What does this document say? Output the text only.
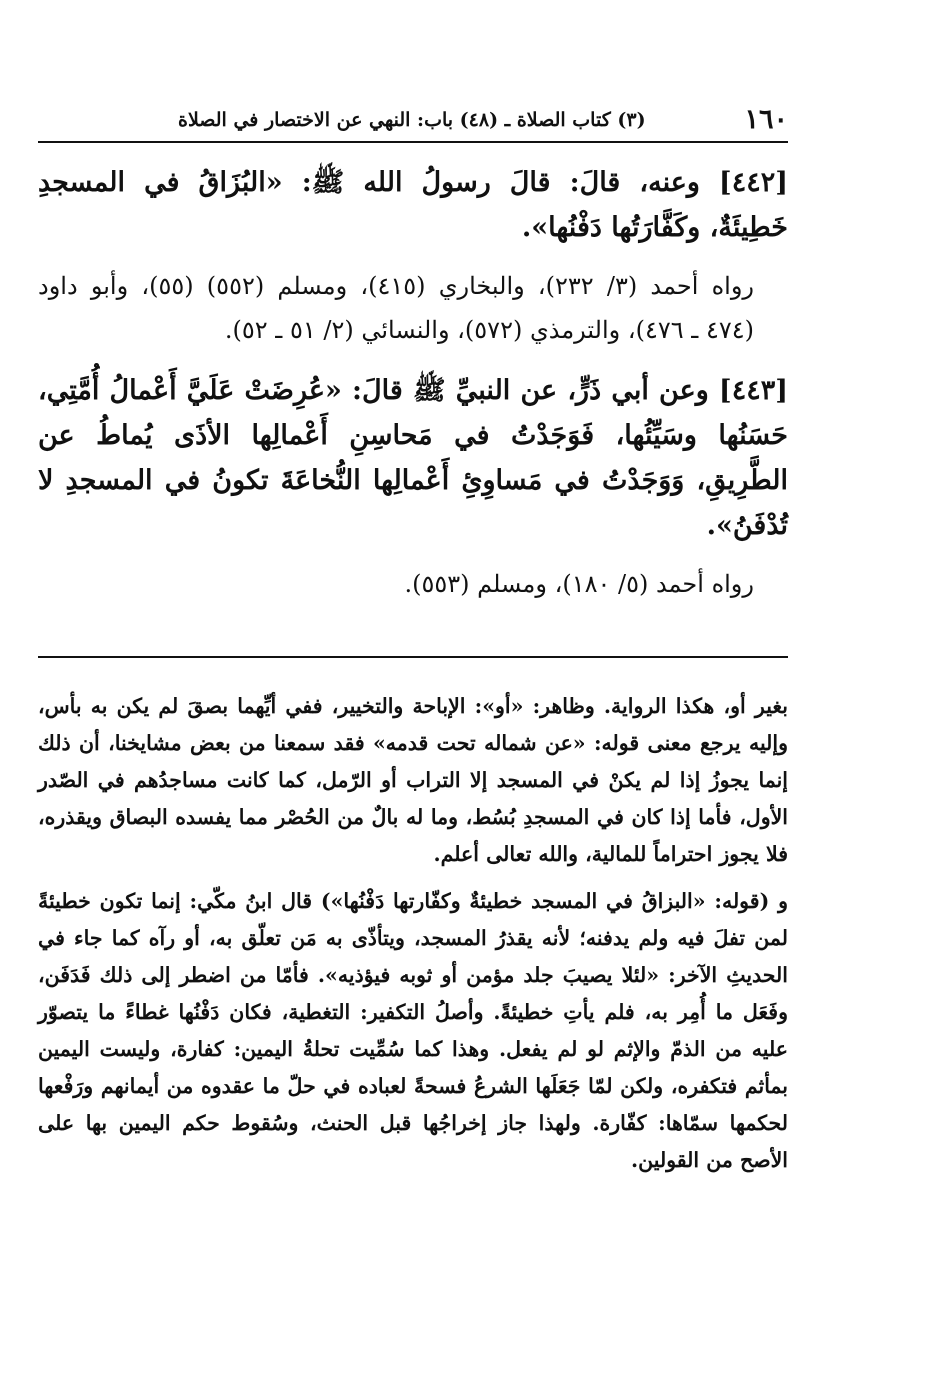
١٦٠
(٣) كتاب الصلاة ـ (٤٨) باب: النهي عن الاختصار في الصلاة

[٤٤٢] وعنه، قالَ: قالَ رسولُ الله ﷺ: «البُزَاقُ في المسجدِ خَطِيئَةٌ، وكَفَّارَتُها دَفْنُها».

رواه أحمد (٣/ ٢٣٢)، والبخاري (٤١٥)، ومسلم (٥٥٢) (٥٥)، وأبو داود (٤٧٤ ـ ٤٧٦)، والترمذي (٥٧٢)، والنسائي (٢/ ٥١ ـ ٥٢).

[٤٤٣] وعن أبي ذَرٍّ، عن النبيِّ ﷺ قالَ: «عُرِضَتْ عَلَيَّ أَعْمالُ أُمَّتِي، حَسَنُها وسَيِّئُها، فَوَجَدْتُ في مَحاسِنِ أَعْمالِها الأذَى يُماطُ عن الطَّرِيقِ، وَوَجَدْتُ في مَساوِئِ أَعْمالِها النُّخاعَةَ تكونُ في المسجدِ لا تُدْفَنُ».

رواه أحمد (٥/ ١٨٠)، ومسلم (٥٥٣).

بغير أو، هكذا الرواية. وظاهر: «أو»: الإباحة والتخيير، ففي أيِّهما بصقَ لم يكن به بأس، وإليه يرجع معنى قوله: «عن شماله تحت قدمه» فقد سمعنا من بعض مشايخنا، أن ذلك إنما يجوزُ إذا لم يكنْ في المسجد إلا التراب أو الرّمل، كما كانت مساجدُهم في الصّدر الأول، فأما إذا كان في المسجدِ بُسُط، وما له بالٌ من الحُصْر مما يفسده البصاق ويقذره، فلا يجوز احتراماً للمالية، والله تعالى أعلم.

و (قوله: «البزاقُ في المسجد خطيئةٌ وكفّارتها دَفْنُها») قال ابنُ مكّي: إنما تكون خطيئةً لمن تفلَ فيه ولم يدفنه؛ لأنه يقذرُ المسجد، ويتأذّى به مَن تعلّق به، أو رآه كما جاء في الحديثِ الآخر: «لئلا يصيبَ جلد مؤمن أو ثوبه فيؤذيه». فأمّا من اضطر إلى ذلك فَدَفَن، وفَعَل ما أُمِر به، فلم يأتِ خطيئةً. وأصلُ التكفير: التغطية، فكان دَفْنُها غطاءً ما يتصوّر عليه من الذمّ والإثم لو لم يفعل. وهذا كما سُمِّيت تحلةُ اليمين: كفارة، وليست اليمين بمأثم فتكفره، ولكن لمّا جَعَلَها الشرعُ فسحةً لعباده في حلّ ما عقدوه من أيمانهم ورَفْعها لحكمها سمّاها: كفّارة. ولهذا جاز إخراجُها قبل الحنث، وسُقوط حكم اليمين بها على الأصح من القولين.
